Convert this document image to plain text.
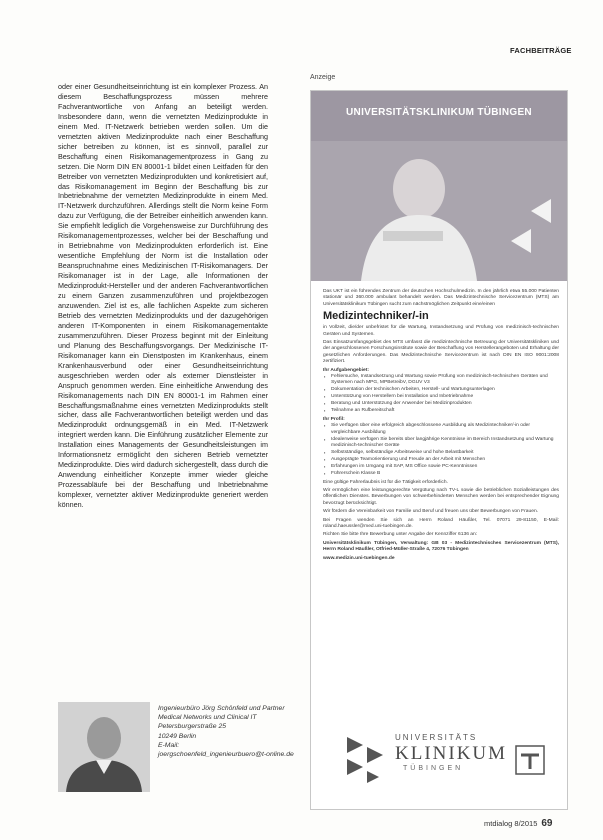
FACHBEITRÄGE

oder einer Gesundheitseinrichtung ist ein komplexer Prozess. An diesem Beschaffungsprozess müssen mehrere Fachverantwortliche von Anfang an beteiligt werden. Insbesondere dann, wenn die vernetzten Medizinprodukte in einem Med. IT-Netzwerk betrieben werden sollen. Um die vernetzten aktiven Medizinprodukte nach einer Beschaffung sicher betreiben zu können, ist es sinnvoll, parallel zur Beschaffung einen Risikomanagementprozess in Gang zu setzen. Die Norm DIN EN 80001-1 bildet einen Leitfaden für den Betreiber von vernetzten Medizinprodukten und konkretisiert auf, das Risikomanagement im Beginn der Beschaffung bis zur Inbetriebnahme der vernetzten Medizinprodukte in einem Med. IT-Netzwerk durchzuführen. Allerdings stellt die Norm keine Form dazu zur Verfügung, die der Betreiber einheitlich anwenden kann. Sie empfiehlt lediglich die Vorgehensweise zur Durchführung des Risikomanagementprozesses, welcher bei der Beschaffung und in Betriebnahme von Medizinprodukten erforderlich ist. Eine wesentliche Empfehlung der Norm ist die Installation oder Beanspruchnahme eines Medizinischen IT-Risikomanagers. Der Risikomanager ist in der Lage, alle Informationen der Medizinprodukt-Hersteller und der anderen Fachverantwortlichen zu einem Ganzen zusammenzuführen und projektbezogen anzuwenden. Ziel ist es, alle fachlichen Aspekte zum sicheren Betrieb des vernetzten Medizinprodukts und der dazugehörigen anderen IT-Komponenten in einem Risikomanagementakte zusammenzuführen. Dieser Prozess beginnt mit der Einleitung und Planung des Beschaffungsvorgangs. Der Medizinische IT-Risikomanager kann ein Dienstposten im Krankenhaus, einem Krankenhausverbund oder einer Gesundheitseinrichtung ausgeschrieben werden oder als externer Dienstleister in Anspruch genommen werden. Eine einheitliche Anwendung des Risikomanagements nach DIN EN 80001-1 im Rahmen einer Beschaffungsmaßnahme eines vernetzten Medizinprodukts stellt sicher, dass alle Fachverantwortlichen beteiligt werden und das Medizinprodukt ordnungsgemäß in ein Med. IT-Netzwerk integriert werden kann. Die Einführung zusätzlicher Elemente zur Installation eines Managements der Gesundheitsleistungen im Informationsnetz ermöglicht den sicheren Betrieb vernetzter Medizinprodukte. Dies wird dadurch sichergestellt, dass durch die Anwendung einheitlicher Konzepte immer wieder gleiche Prozessabläufe bei der Beschaffung und Inbetriebnahme komplexer, vernetzter aktiver Medizinprodukte generiert werden können.

Ingenieurbüro Jörg Schönfeld und Partner
Medical Networks und Clinical IT
Petersburgerstraße 25
10249 Berlin
E-Mail:
joergschoenfeld_ingenieurbuero@t-online.de
Anzeige
UNIVERSITÄTSKLINIKUM TÜBINGEN
Das UKT ist ein führendes Zentrum der deutschen Hochschulmedizin. In den jährlich etwa 55.000 Patienten stationär und 360.000 ambulant behandelt werden. Das Medizintechnische Servicezentrum (MTS) am Universitätsklinikum Tübingen sucht zum nächstmöglichen Zeitpunkt eine/einen
Medizintechniker/-in
in Vollzeit, die/der unbefristet für die Wartung, Instandsetzung und Prüfung von medizinisch-technischen Geräten und Systemen.
Das Einsatzumfangsgebiet des MTS umfasst die medizintechnische Betreuung der Universitätskliniken und der angeschlossenen Forschungsinstitute sowie der Beschaffung von Herstellerangeboten und Erhaltung der gesetzlichen Anforderungen. Das Medizintechnische Servicezentrum ist nach DIN EN ISO 9001:2008 zertifiziert.
Ihr Aufgabengebiet:
▪ Fehlersuche, Instandsetzung und Wartung sowie Prüfung von medizinisch-technischen Geräten und Systemen nach MPG, MPBetreibV, DGUV V3
▪ Dokumentation der technischen Arbeiten, Herstell- und Wartungsunterlagen
▪ Unterstützung von Herstellern bei Installation und Inbetriebnahme
▪ Beratung und Unterstützung der Anwender bei Medizinprodukten
▪ Teilnahme an Rufbereitschaft
Ihr Profil:
▪ Sie verfügen über eine erfolgreich abgeschlossene Ausbildung als Medizintechniker/-in oder vergleichbare Ausbildung
▪ Idealerweise verfügen Sie bereits über langjährige Kenntnisse im Bereich Instandsetzung und Wartung medizinisch-technischer Geräte
▪ Selbstständige, selbständige Arbeitsweise und hohe Belastbarkeit
▪ Ausgeprägte Teamorientierung und Freude an der Arbeit mit Menschen
▪ Erfahrungen im Umgang mit SAP, MS Office sowie PC-Kenntnissen
▪ Führerschein Klasse B
Eine gültige Fahrerlaubnis ist für die Tätigkeit erforderlich.
Wir ermöglichen eine leistungsgerechte Vergütung nach TV-L sowie die betrieblichen Sozialleistungen des öffentlichen Dienstes. Bewerbungen von schwerbehinderten Menschen werden bei entsprechender Eignung bevorzugt berücksichtigt.
Wir fördern die Vereinbarkeit von Familie und Beruf und freuen uns über Bewerbungen von Frauen.
Bei Fragen wenden Sie sich an Herrn Roland Häußler, Tel. 07071 29-81150, E-Mail: roland.haeussler@med.uni-tuebingen.de.
Richten Sie bitte Ihre Bewerbung unter Angabe der Kennziffer 6136 an:
Universitätsklinikum Tübingen, Verwaltung: GB 03 - Medizintechnisches Servicezentrum (MTS), Herrn Roland Häußler, Otfried-Müller-Straße 4, 72076 Tübingen
www.medizin.uni-tuebingen.de
UNIVERSITÄTS
KLINIKUM
TÜBINGEN
mtdialog 8/2015 69
